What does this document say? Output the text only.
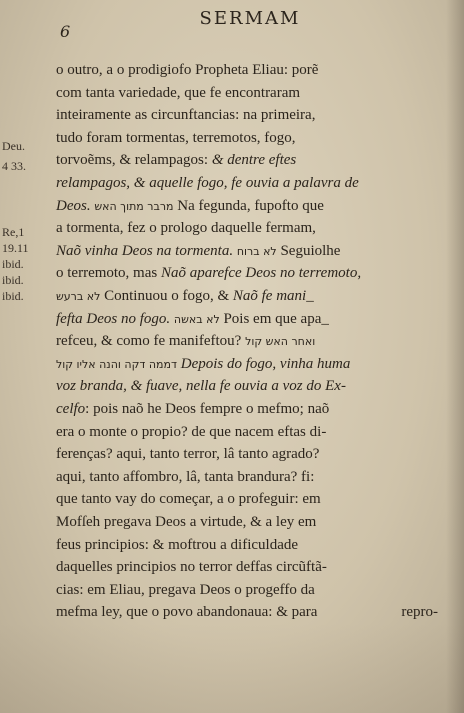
6
SERMAM
Deu.
4 33.
Re,1
19.11
ibid.
ibid.
ibid.
o outro, a o prodigiofo Propheta Eliau: porẽ
com tanta variedade, que fe encontraram
inteiramente as circunftancias: na primeira,
tudo foram tormentas, terremotos, fogo,
torvoẽms, & relampagos: & dentre eftes
relampagos, & aquelle fogo, fe ouvia a palavra de
Deos. מרבר מתוך האש Na fegunda, fupofto que
a tormenta, fez o prologo daquelle fermam,
Naõ vinha Deos na tormenta. לא ברוח Seguiolhe
o terremoto, mas Naõ aparefce Deos no terremoto,
לא ברעש Continuou o fogo, & Naõ fe mani_
fefta Deos no fogo. לא באשה Pois em que apa_
refceu, & como fe manifeftou? ואחר האש קול
דממה דקה והנה אליו קול Depois do fogo, vinha huma
voz branda, & fuave, nella fe ouvia a voz do Ex-
celfo: pois naõ he Deos fempre o mefmo; naõ
era o monte o propio? de que nacem eftas di-
ferenças? aqui, tanto terror, lâ tanto agrado?
aqui, tanto affombro, lâ, tanta brandura? fi:
que tanto vay do começar, a o profeguir: em
Mofſeh pregava Deos a virtude, & a ley em
feus principios: & moftrou a dificuldade
daquelles principios no terror deffas circũftã-
cias: em Eliau, pregava Deos o progeffo da
mefma ley, que o povo abandonaua: & para	repro-
